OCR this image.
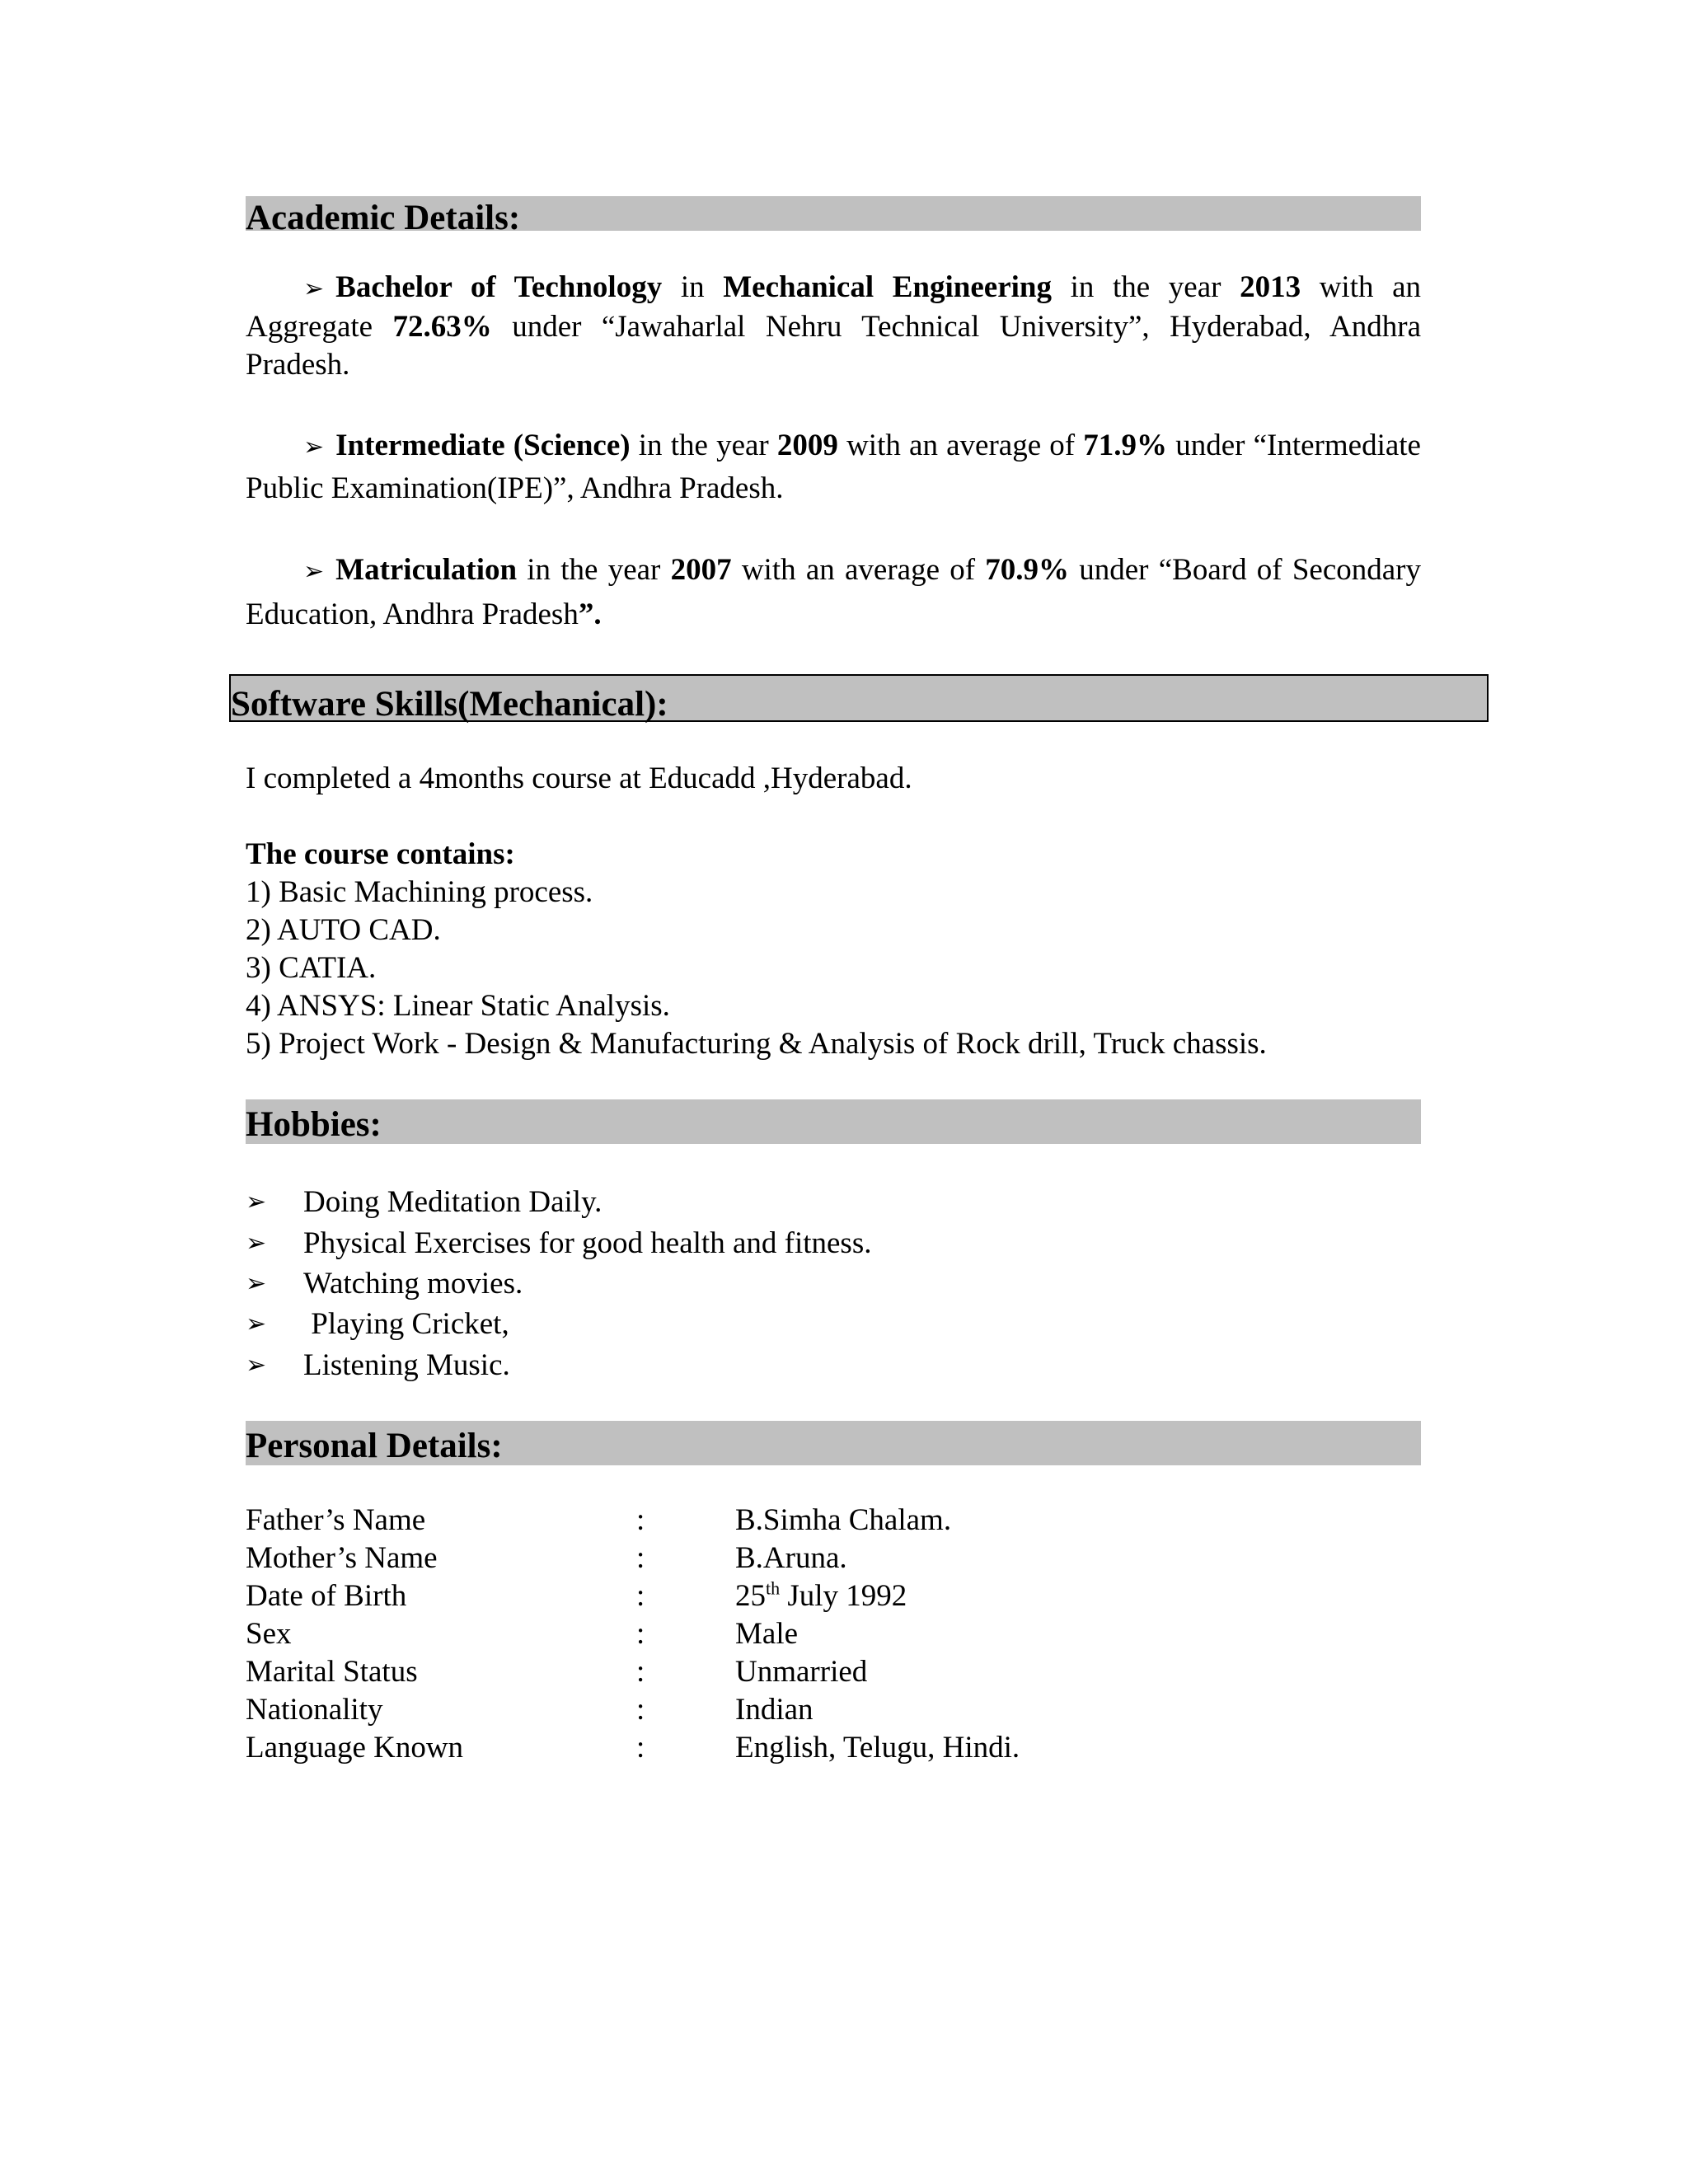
Academic Details:
➢ Bachelor of Technology in Mechanical Engineering in the year 2013 with an Aggregate 72.63% under “Jawaharlal Nehru Technical University”, Hyderabad, Andhra Pradesh.
➢ Intermediate (Science) in the year 2009 with an average of 71.9% under “Intermediate Public Examination(IPE)”, Andhra Pradesh.
➢ Matriculation in the year 2007 with an average of 70.9% under “Board of Secondary Education, Andhra Pradesh”.
Software Skills(Mechanical):
I completed a 4months course at Educadd ,Hyderabad.
The course contains:
1) Basic Machining process.
2) AUTO CAD.
3) CATIA.
4) ANSYS: Linear Static Analysis.
5) Project Work - Design & Manufacturing & Analysis of Rock drill, Truck chassis.
Hobbies:
➢ Doing Meditation Daily.
➢ Physical Exercises for good health and fitness.
➢ Watching movies.
➢ Playing Cricket,
➢ Listening Music.
Personal Details:
Father’s Name	:	B.Simha Chalam.
Mother’s Name	:	B.Aruna.
Date of Birth	:	25th July 1992
Sex	:	Male
Marital Status	:	Unmarried
Nationality	:	Indian
Language Known	:	English, Telugu, Hindi.
